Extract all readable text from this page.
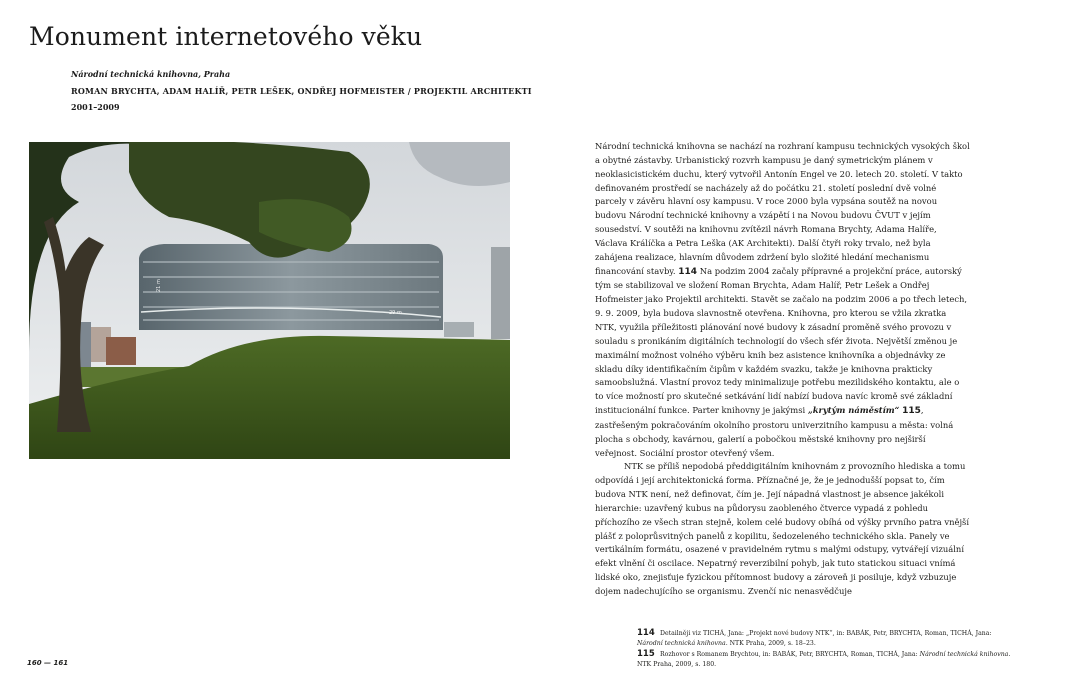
Monument internetového věku
Národní technická knihovna, Praha
ROMAN BRYCHTA, ADAM HALÍŘ, PETR LEŠEK, ONDŘEJ HOFMEISTER / PROJEKTIL ARCHITEKTI
2001–2009
21 m
29 m

Národní technická knihovna se nachází na rozhraní kampusu technických vysokých škol a obytné zástavby. Urbanistický rozvrh kampusu je daný symetrickým plánem v neoklasicistickém duchu, který vytvořil Antonín Engel ve 20. letech 20. století. V takto definovaném prostředí se nacházely až do počátku 21. století poslední dvě volné parcely v závěru hlavní osy kampusu. V roce 2000 byla vypsána soutěž na novou budovu Národní technické knihovny a vzápětí i na Novou budovu ČVUT v jejím sousedství. V soutěži na knihovnu zvítězil návrh Romana Brychty, Adama Halíře, Václava Králíčka a Petra Leška (AK Architekti). Další čtyři roky trvalo, než byla zahájena realizace, hlavním důvodem zdržení bylo složité hledání mechanismu financování stavby. 114 Na podzim 2004 začaly přípravné a projekční práce, autorský tým se stabilizoval ve složení Roman Brychta, Adam Halíř, Petr Lešek a Ondřej Hofmeister jako Projektil architekti. Stavět se začalo na podzim 2006 a po třech letech, 9. 9. 2009, byla budova slavnostně otevřena. Knihovna, pro kterou se vžila zkratka NTK, využila příležitosti plánování nové budovy k zásadní proměně svého provozu v souladu s pronikáním digitálních technologií do všech sfér života. Největší změnou je maximální možnost volného výběru knih bez asistence knihovníka a objednávky ze skladu díky identifikačním čipům v každém svazku, takže je knihovna prakticky samoobslužná. Vlastní provoz tedy minimalizuje potřebu mezilidského kontaktu, ale o to více možností pro skutečné setkávání lidí nabízí budova navíc kromě své základní institucionální funkce. Parter knihovny je jakýmsi „krytým náměstím“ 115, zastřešeným pokračováním okolního prostoru univerzitního kampusu a města: volná plocha s obchody, kavárnou, galerií a pobočkou městské knihovny pro nejširší veřejnost. Sociální prostor otevřený všem.

NTK se příliš nepodobá předdigitálním knihovnám z provozního hlediska a tomu odpovídá i její architektonická forma. Příznačné je, že je jednodušší popsat to, čím budova NTK není, než definovat, čím je. Její nápadná vlastnost je absence jakékoli hierarchie: uzavřený kubus na půdorysu zaobleného čtverce vypadá z pohledu příchozího ze všech stran stejně, kolem celé budovy obíhá od výšky prvního patra vnější plášť z poloprůsvitných panelů z kopilitu, šedozeleného technického skla. Panely ve vertikálním formátu, osazené v pravidelném rytmu s malými odstupy, vytvářejí vizuální efekt vlnění či oscilace. Nepatrný reverzibilní pohyb, jak tuto statickou situaci vnímá lidské oko, znejisťuje fyzickou přítomnost budovy a zároveň ji posiluje, když vzbuzuje dojem nadechujícího se organismu. Zvenčí nic nenasvědčuje

114 Detailněji viz TICHÁ, Jana: „Projekt nové budovy NTK“, in: BABÁK, Petr, BRYCHTA, Roman, TICHÁ, Jana:

Národní technická knihovna. NTK Praha, 2009, s. 18–23.

115 Rozhovor s Romanem Brychtou, in: BABÁK, Petr, BRYCHTA, Roman, TICHÁ, Jana: Národní technická knihovna.

NTK Praha, 2009, s. 180.

160 — 161
